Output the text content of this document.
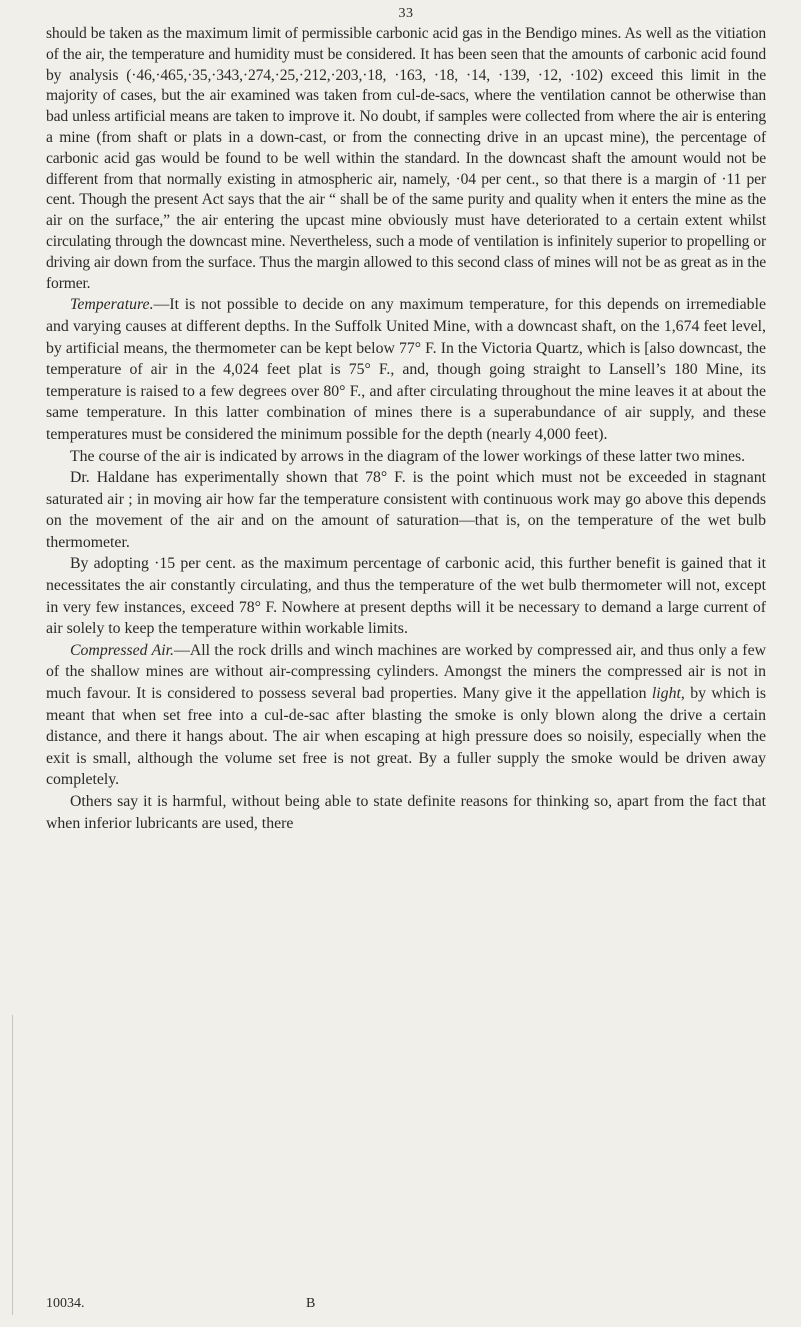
33

should be taken as the maximum limit of permissible carbonic acid gas in the Bendigo mines. As well as the vitiation of the air, the temperature and humidity must be considered. It has been seen that the amounts of carbonic acid found by analysis (·46,·465,·35,·343,·274,·25,·212,·203,·18, ·163, ·18, ·14, ·139, ·12, ·102) exceed this limit in the majority of cases, but the air examined was taken from cul-de-sacs, where the ventilation cannot be otherwise than bad unless artificial means are taken to improve it. No doubt, if samples were collected from where the air is entering a mine (from shaft or plats in a down-cast, or from the connecting drive in an upcast mine), the percentage of carbonic acid gas would be found to be well within the standard. In the downcast shaft the amount would not be different from that normally existing in atmospheric air, namely, ·04 per cent., so that there is a margin of ·11 per cent. Though the present Act says that the air “ shall be of the same purity and quality when it enters the mine as the air on the surface,” the air entering the upcast mine obviously must have deteriorated to a certain extent whilst circulating through the downcast mine. Nevertheless, such a mode of ventilation is infinitely superior to propelling or driving air down from the surface. Thus the margin allowed to this second class of mines will not be as great as in the former.

Temperature.—It is not possible to decide on any maximum temperature, for this depends on irremediable and varying causes at different depths. In the Suffolk United Mine, with a downcast shaft, on the 1,674 feet level, by artificial means, the thermometer can be kept below 77° F. In the Victoria Quartz, which is [also downcast, the temperature of air in the 4,024 feet plat is 75° F., and, though going straight to Lansell’s 180 Mine, its temperature is raised to a few degrees over 80° F., and after circulating throughout the mine leaves it at about the same temperature. In this latter combination of mines there is a superabundance of air supply, and these temperatures must be considered the minimum possible for the depth (nearly 4,000 feet).

The course of the air is indicated by arrows in the diagram of the lower workings of these latter two mines.

Dr. Haldane has experimentally shown that 78° F. is the point which must not be exceeded in stagnant saturated air ; in moving air how far the temperature consistent with continuous work may go above this depends on the movement of the air and on the amount of saturation—that is, on the temperature of the wet bulb thermometer.

By adopting ·15 per cent. as the maximum percentage of carbonic acid, this further benefit is gained that it necessitates the air constantly circulating, and thus the temperature of the wet bulb thermometer will not, except in very few instances, exceed 78° F. Nowhere at present depths will it be necessary to demand a large current of air solely to keep the temperature within workable limits.

Compressed Air.—All the rock drills and winch machines are worked by compressed air, and thus only a few of the shallow mines are without air-compressing cylinders. Amongst the miners the compressed air is not in much favour. It is considered to possess several bad properties. Many give it the appellation light, by which is meant that when set free into a cul-de-sac after blasting the smoke is only blown along the drive a certain distance, and there it hangs about. The air when escaping at high pressure does so noisily, especially when the exit is small, although the volume set free is not great. By a fuller supply the smoke would be driven away completely.

Others say it is harmful, without being able to state definite reasons for thinking so, apart from the fact that when inferior lubricants are used, there

10034.	B
